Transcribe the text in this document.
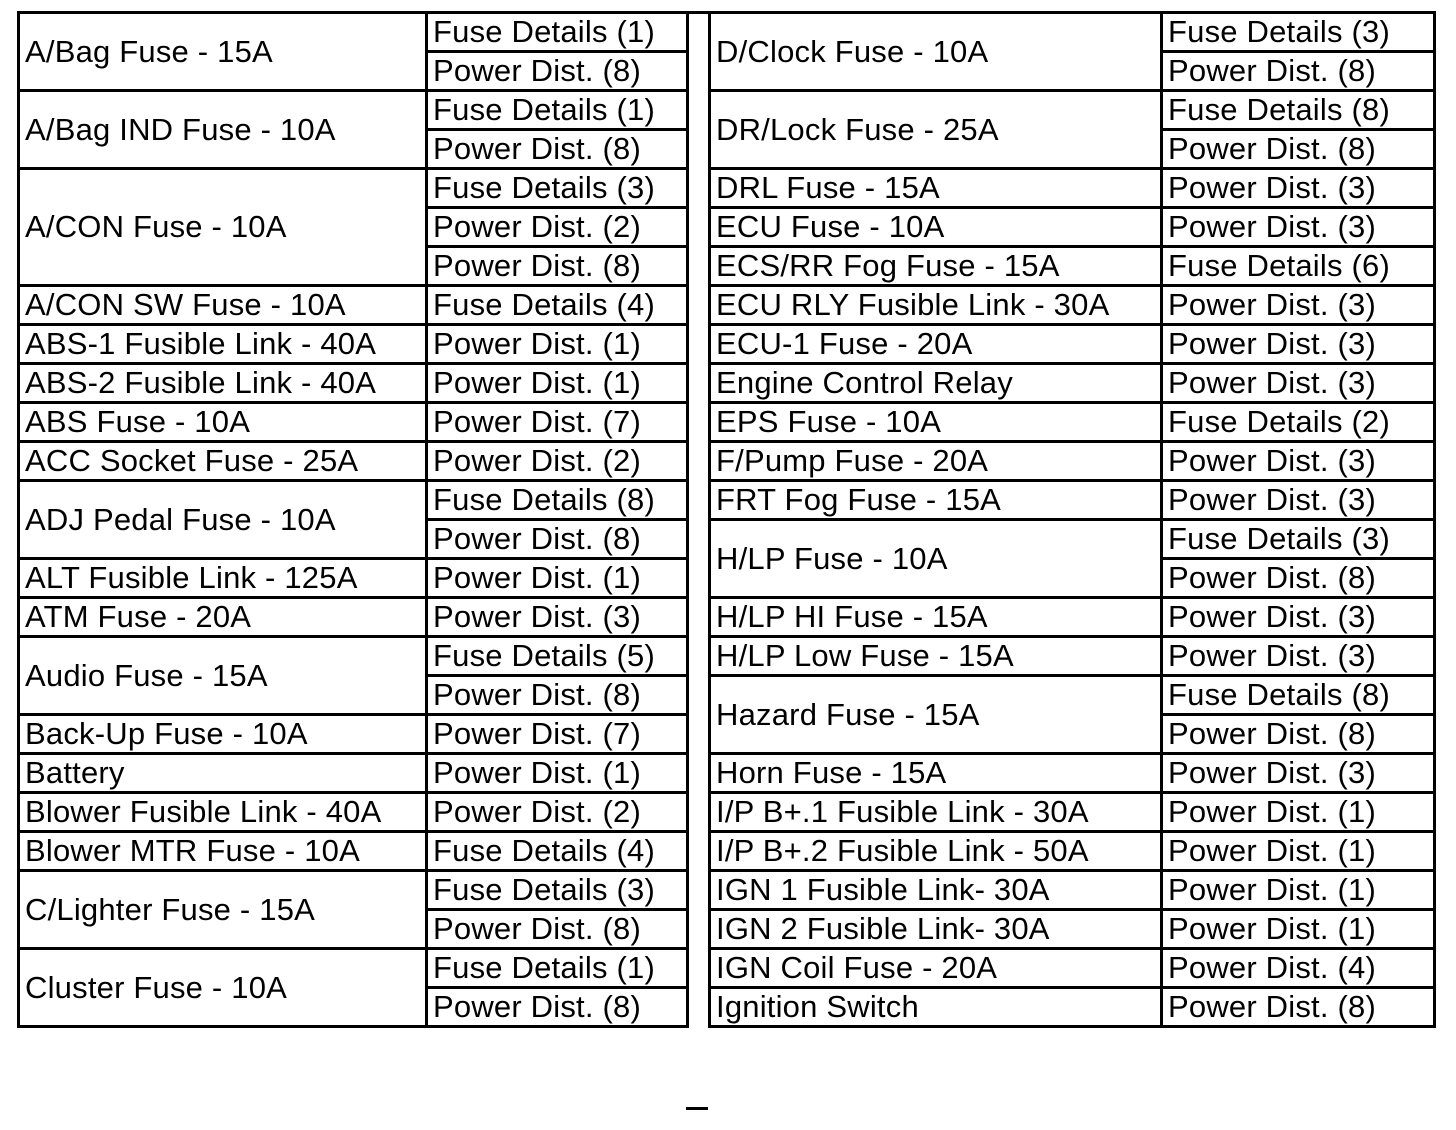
A/Bag Fuse - 15A	Fuse Details (1)
	Power Dist. (8)
A/Bag IND Fuse - 10A	Fuse Details (1)
	Power Dist. (8)
A/CON Fuse - 10A	Fuse Details (3)
	Power Dist. (2)
	Power Dist. (8)
A/CON SW Fuse - 10A	Fuse Details (4)
ABS-1 Fusible Link - 40A	Power Dist. (1)
ABS-2 Fusible Link - 40A	Power Dist. (1)
ABS Fuse - 10A	Power Dist. (7)
ACC Socket Fuse - 25A	Power Dist. (2)
ADJ Pedal Fuse - 10A	Fuse Details (8)
	Power Dist. (8)
ALT Fusible Link - 125A	Power Dist. (1)
ATM Fuse - 20A	Power Dist. (3)
Audio Fuse - 15A	Fuse Details (5)
	Power Dist. (8)
Back-Up Fuse - 10A	Power Dist. (7)
Battery	Power Dist. (1)
Blower Fusible Link - 40A	Power Dist. (2)
Blower MTR Fuse - 10A	Fuse Details (4)
C/Lighter Fuse - 15A	Fuse Details (3)
	Power Dist. (8)
Cluster Fuse - 10A	Fuse Details (1)
	Power Dist. (8)
D/Clock Fuse - 10A	Fuse Details (3)
	Power Dist. (8)
DR/Lock Fuse - 25A	Fuse Details (8)
	Power Dist. (8)
DRL Fuse - 15A	Power Dist. (3)
ECU Fuse - 10A	Power Dist. (3)
ECS/RR Fog Fuse - 15A	Fuse Details (6)
ECU RLY Fusible Link - 30A	Power Dist. (3)
ECU-1 Fuse - 20A	Power Dist. (3)
Engine Control Relay	Power Dist. (3)
EPS Fuse - 10A	Fuse Details (2)
F/Pump Fuse - 20A	Power Dist. (3)
FRT Fog Fuse - 15A	Power Dist. (3)
H/LP Fuse - 10A	Fuse Details (3)
	Power Dist. (8)
H/LP HI Fuse - 15A	Power Dist. (3)
H/LP Low Fuse - 15A	Power Dist. (3)
Hazard Fuse - 15A	Fuse Details (8)
	Power Dist. (8)
Horn Fuse - 15A	Power Dist. (3)
I/P B+.1 Fusible Link - 30A	Power Dist. (1)
I/P B+.2 Fusible Link - 50A	Power Dist. (1)
IGN 1 Fusible Link- 30A	Power Dist. (1)
IGN 2 Fusible Link- 30A	Power Dist. (1)
IGN Coil Fuse - 20A	Power Dist. (4)
Ignition Switch	Power Dist. (8)
